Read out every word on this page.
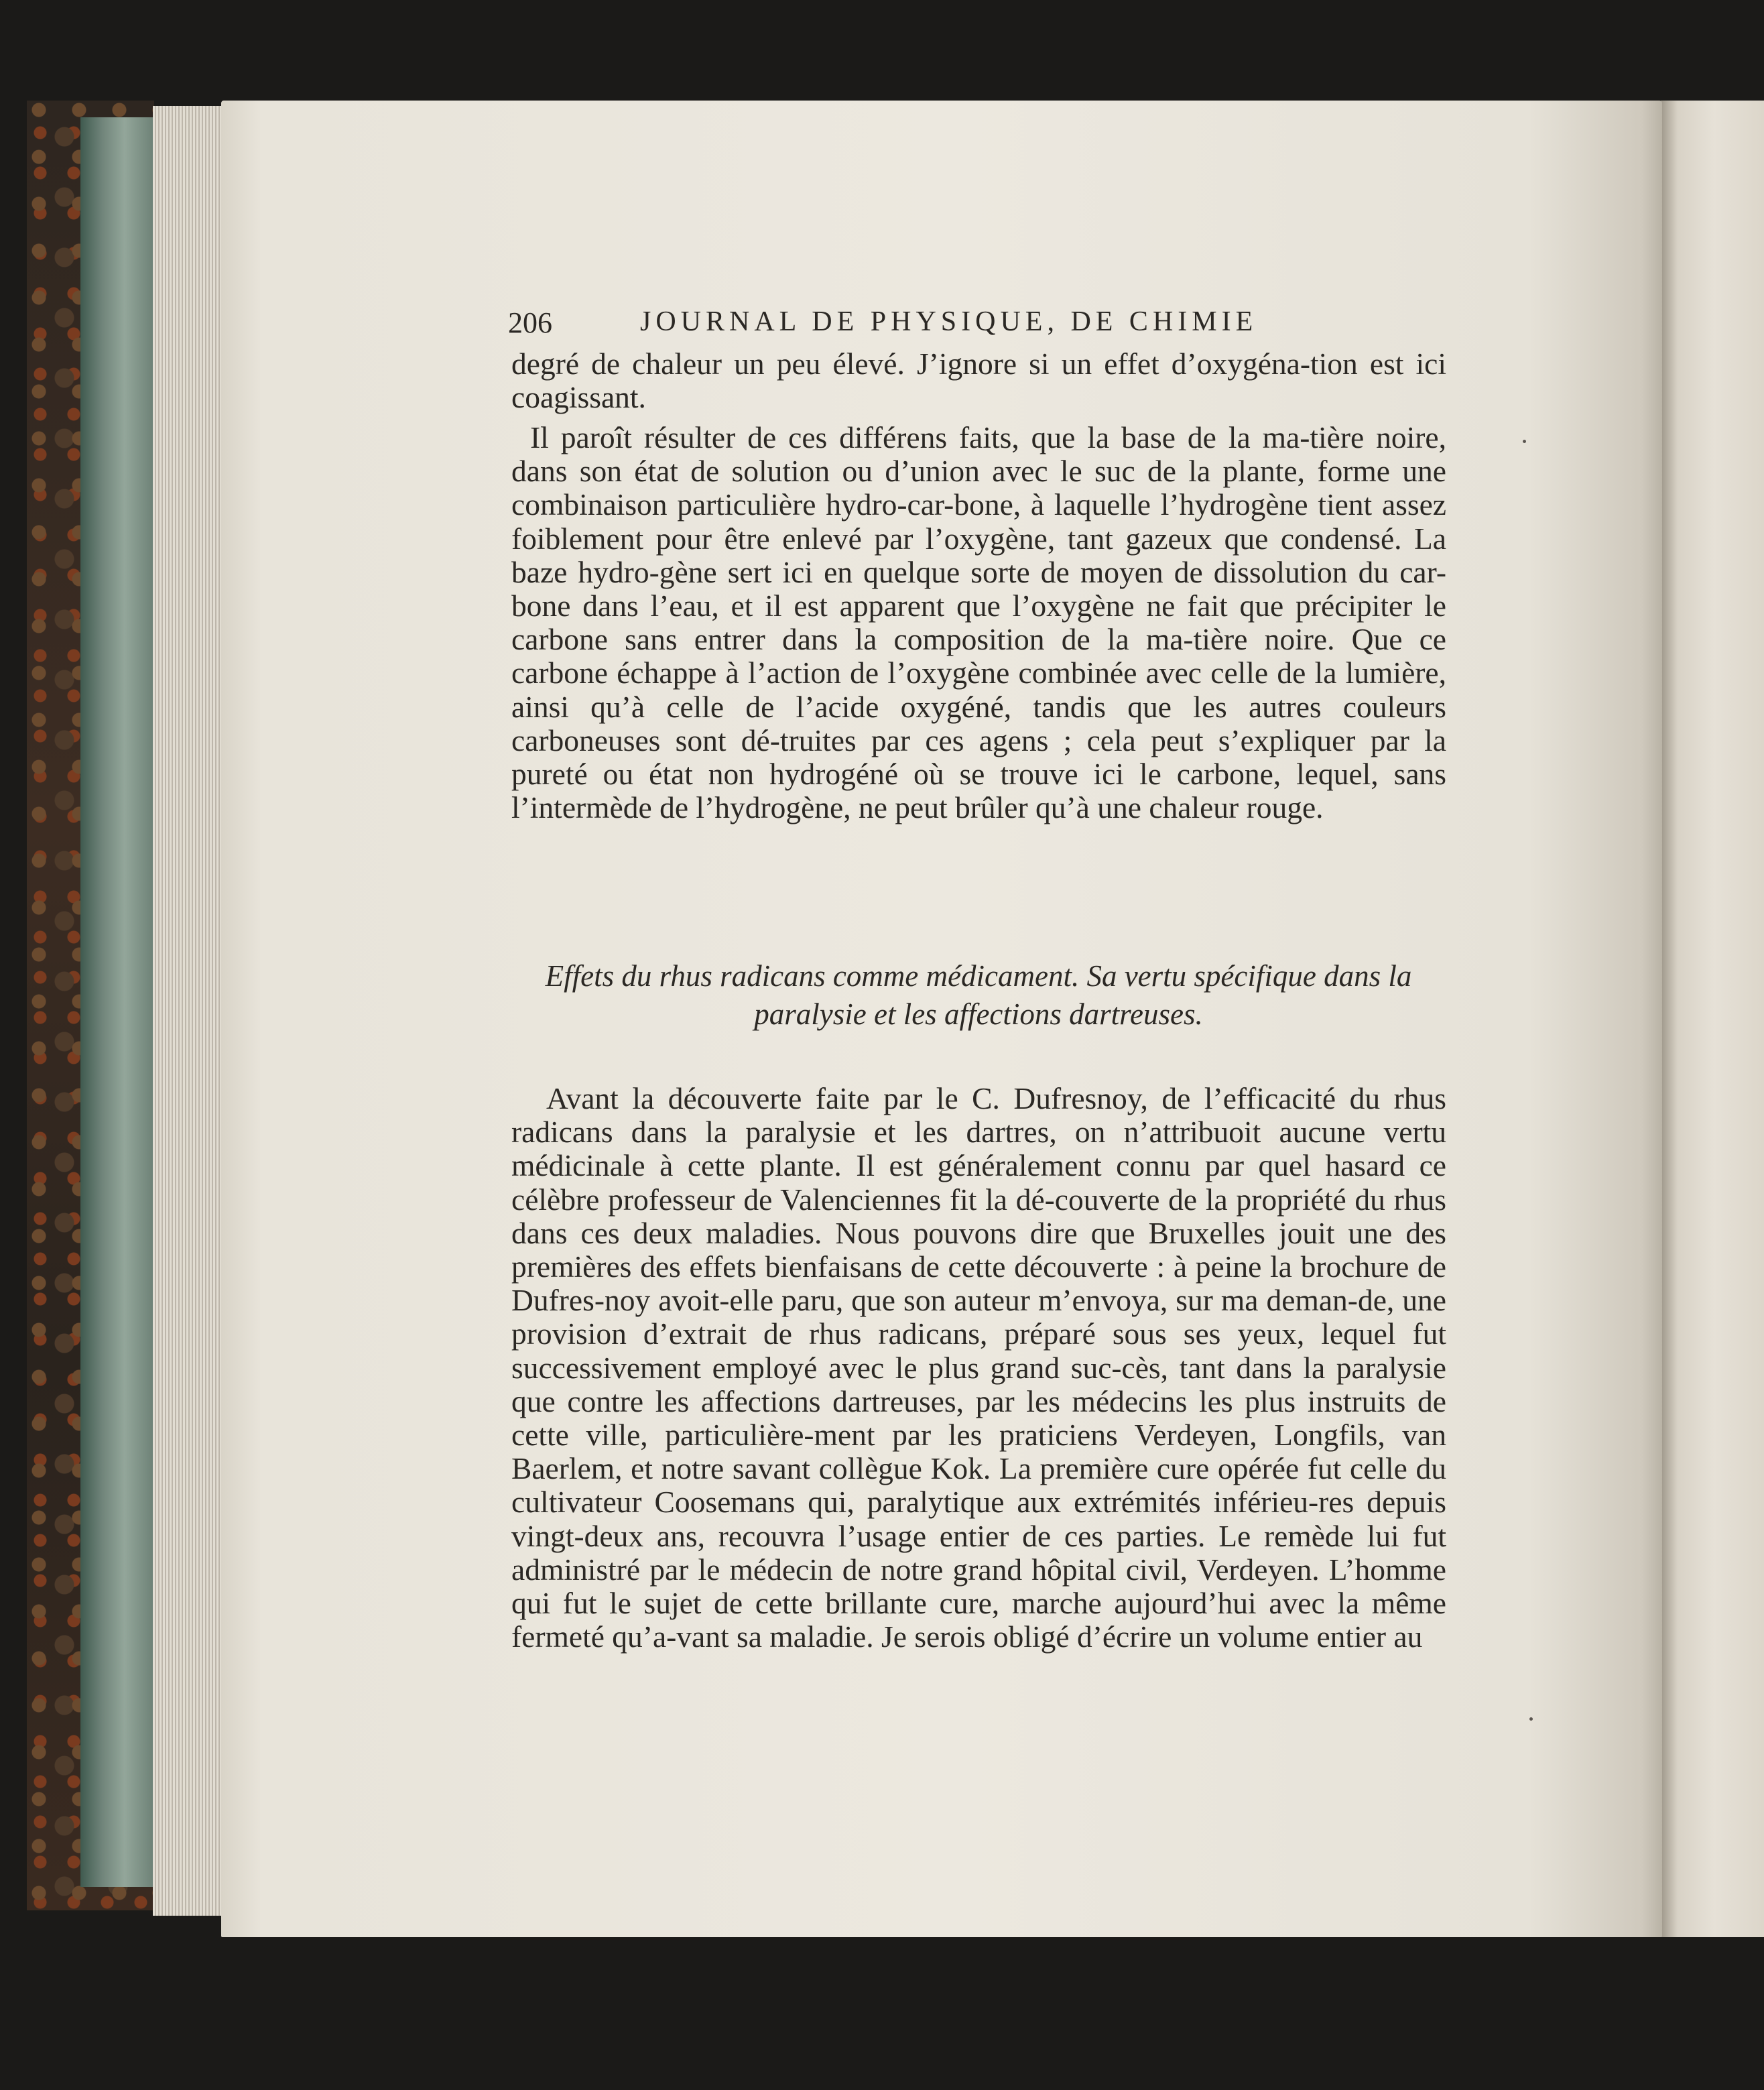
206	JOURNAL DE PHYSIQUE, DE CHIMIE

degré de chaleur un peu élevé. J’ignore si un effet d’oxygéna-tion est ici coagissant.

Il paroît résulter de ces différens faits, que la base de la ma-tière noire, dans son état de solution ou d’union avec le suc de la plante, forme une combinaison particulière hydro-car-bone, à laquelle l’hydrogène tient assez foiblement pour être enlevé par l’oxygène, tant gazeux que condensé. La baze hydro-gène sert ici en quelque sorte de moyen de dissolution du car-bone dans l’eau, et il est apparent que l’oxygène ne fait que précipiter le carbone sans entrer dans la composition de la ma-tière noire. Que ce carbone échappe à l’action de l’oxygène combinée avec celle de la lumière, ainsi qu’à celle de l’acide oxygéné, tandis que les autres couleurs carboneuses sont dé-truites par ces agens ; cela peut s’expliquer par la pureté ou état non hydrogéné où se trouve ici le carbone, lequel, sans l’intermède de l’hydrogène, ne peut brûler qu’à une chaleur rouge.

Effets du rhus radicans comme médicament. Sa vertu spécifique dans la paralysie et les affections dartreuses.

Avant la découverte faite par le C. Dufresnoy, de l’efficacité du rhus radicans dans la paralysie et les dartres, on n’attribuoit aucune vertu médicinale à cette plante. Il est généralement connu par quel hasard ce célèbre professeur de Valenciennes fit la dé-couverte de la propriété du rhus dans ces deux maladies. Nous pouvons dire que Bruxelles jouit une des premières des effets bienfaisans de cette découverte : à peine la brochure de Dufres-noy avoit-elle paru, que son auteur m’envoya, sur ma deman-de, une provision d’extrait de rhus radicans, préparé sous ses yeux, lequel fut successivement employé avec le plus grand suc-cès, tant dans la paralysie que contre les affections dartreuses, par les médecins les plus instruits de cette ville, particulière-ment par les praticiens Verdeyen, Longfils, van Baerlem, et notre savant collègue Kok. La première cure opérée fut celle du cultivateur Coosemans qui, paralytique aux extrémités inférieu-res depuis vingt-deux ans, recouvra l’usage entier de ces parties. Le remède lui fut administré par le médecin de notre grand hôpital civil, Verdeyen. L’homme qui fut le sujet de cette brillante cure, marche aujourd’hui avec la même fermeté qu’a-vant sa maladie. Je serois obligé d’écrire un volume entier au
